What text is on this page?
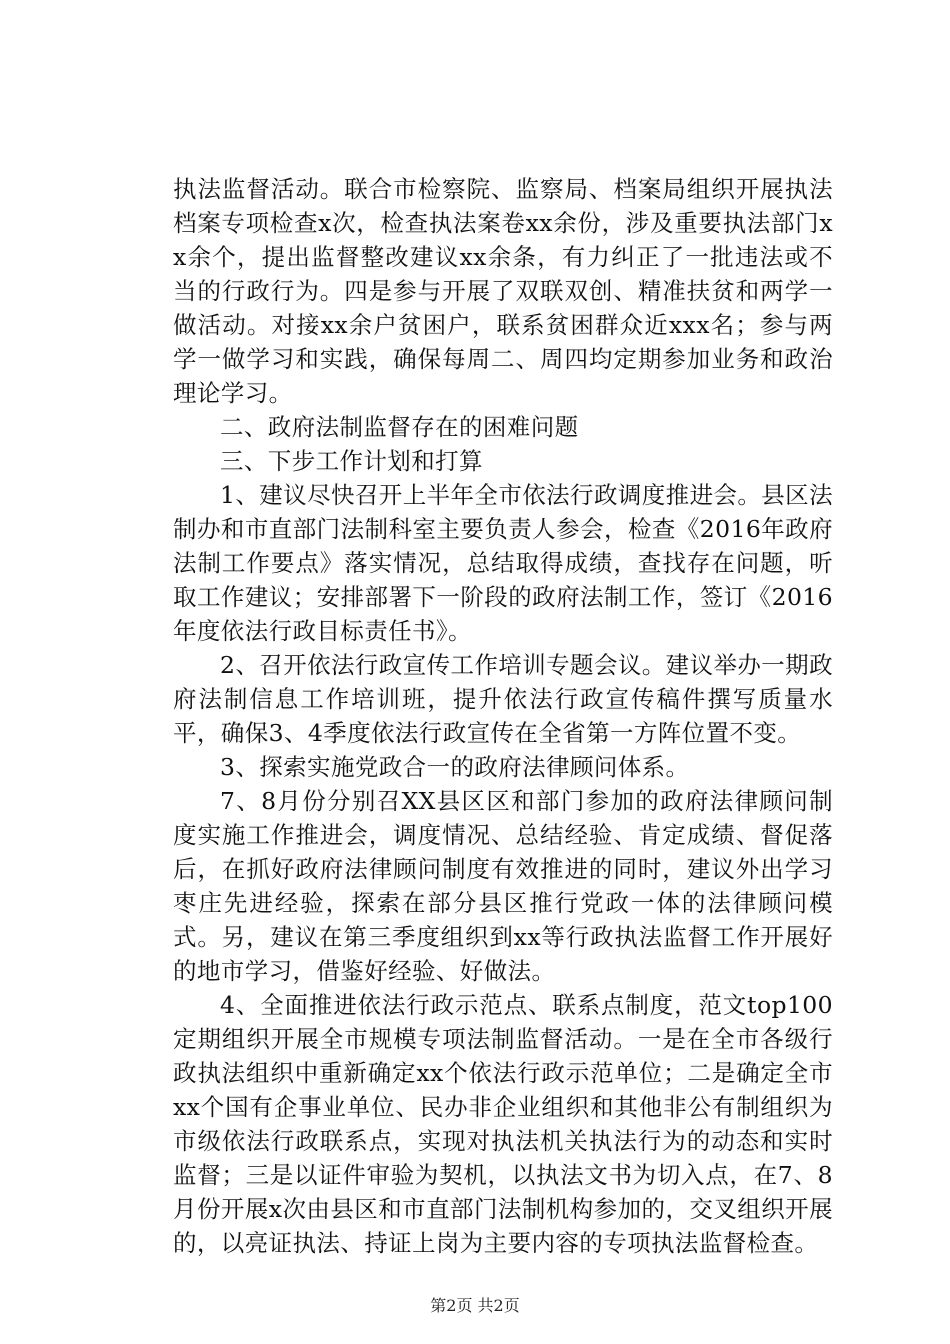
执法监督活动。联合市检察院、监察局、档案局组织开展执法档案专项检查x次，检查执法案卷xx余份，涉及重要执法部门xx余个，提出监督整改建议xx余条，有力纠正了一批违法或不当的行政行为。四是参与开展了双联双创、精准扶贫和两学一做活动。对接xx余户贫困户，联系贫困群众近xxx名；参与两学一做学习和实践，确保每周二、周四均定期参加业务和政治理论学习。

二、政府法制监督存在的困难问题

三、下步工作计划和打算

1、建议尽快召开上半年全市依法行政调度推进会。县区法制办和市直部门法制科室主要负责人参会，检查《2016年政府法制工作要点》落实情况，总结取得成绩，查找存在问题，听取工作建议；安排部署下一阶段的政府法制工作，签订《2016年度依法行政目标责任书》。

2、召开依法行政宣传工作培训专题会议。建议举办一期政府法制信息工作培训班，提升依法行政宣传稿件撰写质量水平，确保3、4季度依法行政宣传在全省第一方阵位置不变。

3、探索实施党政合一的政府法律顾问体系。

7、8月份分别召XX县区区和部门参加的政府法律顾问制度实施工作推进会，调度情况、总结经验、肯定成绩、督促落后，在抓好政府法律顾问制度有效推进的同时，建议外出学习枣庄先进经验，探索在部分县区推行党政一体的法律顾问模式。另，建议在第三季度组织到xx等行政执法监督工作开展好的地市学习，借鉴好经验、好做法。

4、全面推进依法行政示范点、联系点制度，范文top100定期组织开展全市规模专项法制监督活动。一是在全市各级行政执法组织中重新确定xx个依法行政示范单位；二是确定全市xx个国有企事业单位、民办非企业组织和其他非公有制组织为市级依法行政联系点，实现对执法机关执法行为的动态和实时监督；三是以证件审验为契机，以执法文书为切入点，在7、8月份开展x次由县区和市直部门法制机构参加的，交叉组织开展的，以亮证执法、持证上岗为主要内容的专项执法监督检查。

第2页 共2页
